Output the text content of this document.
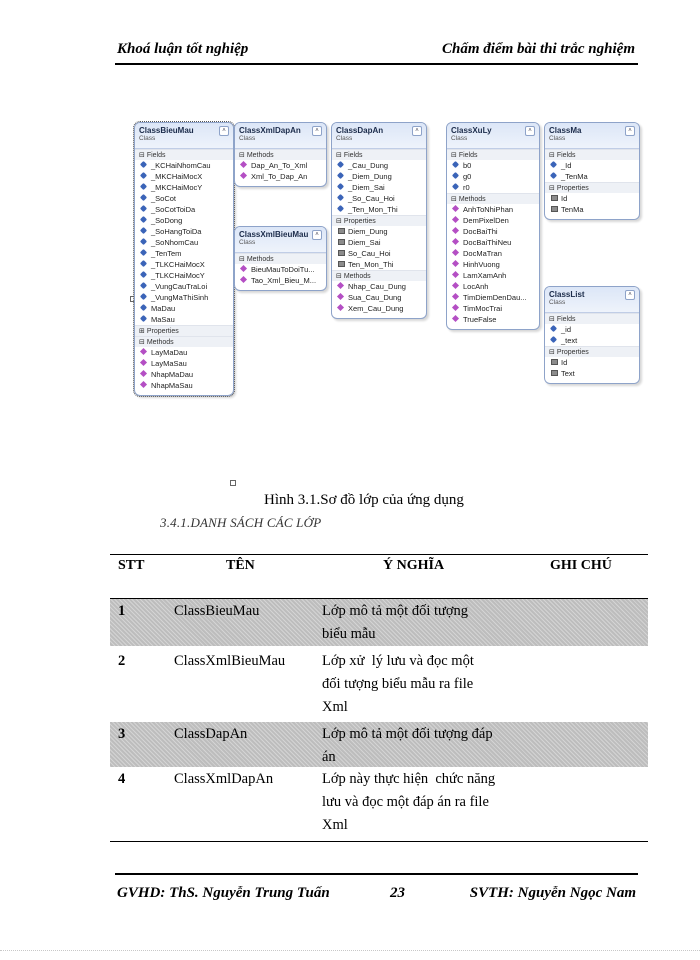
Khoá luận tốt nghiệp	Chấm điểm bài thi trắc nghiệm
ClassBieuMau
Class
˄
⊟ Fields
_KCHaiNhomCau
_MKCHaiMocX
_MKCHaiMocY
_SoCot
_SoCotToiDa
_SoDong
_SoHangToiDa
_SoNhomCau
_TenTem
_TLKCHaiMocX
_TLKCHaiMocY
_VungCauTraLoi
_VungMaThiSinh
MaDau
MaSau
⊞ Properties
⊟ Methods
LayMaDau
LayMaSau
NhapMaDau
NhapMaSau
ClassXmlDapAn
Class
˄
⊟ Methods
Dap_An_To_Xml
Xml_To_Dap_An
ClassXmlBieuMau
Class
˄
⊟ Methods
BieuMauToDoiTu...
Tao_Xml_Bieu_M...
ClassDapAn
Class
˄
⊟ Fields
_Cau_Dung
_Diem_Dung
_Diem_Sai
_So_Cau_Hoi
_Ten_Mon_Thi
⊟ Properties
Diem_Dung
Diem_Sai
So_Cau_Hoi
Ten_Mon_Thi
⊟ Methods
Nhap_Cau_Dung
Sua_Cau_Dung
Xem_Cau_Dung
ClassXuLy
Class
˄
⊟ Fields
b0
g0
r0
⊟ Methods
AnhToNhiPhan
DemPixelDen
DocBaiThi
DocBaiThiNeu
DocMaTran
HinhVuong
LamXamAnh
LocAnh
TimDiemDenDau...
TimMocTrai
TrueFalse
ClassMa
Class
˄
⊟ Fields
_Id
_TenMa
⊟ Properties
Id
TenMa
ClassList
Class
˄
⊟ Fields
_id
_text
⊟ Properties
Id
Text
Hình 3.1.Sơ đồ lớp của ứng dụng
3.4.1.DANH SÁCH CÁC LỚP
STT	TÊN	Ý NGHĨA	GHI CHÚ
1	ClassBieuMau	Lớp mô tả một đối tượng
biểu mẫu
2	ClassXmlBieuMau	Lớp xử  lý lưu và đọc một
đối tượng biểu mẫu ra file
Xml
3	ClassDapAn	Lớp mô tả một đối tượng đáp
án
4	ClassXmlDapAn	Lớp này thực hiện  chức năng
lưu và đọc một đáp án ra file
Xml
GVHD: ThS. Nguyễn Trung Tuấn	23	SVTH: Nguyễn Ngọc Nam
